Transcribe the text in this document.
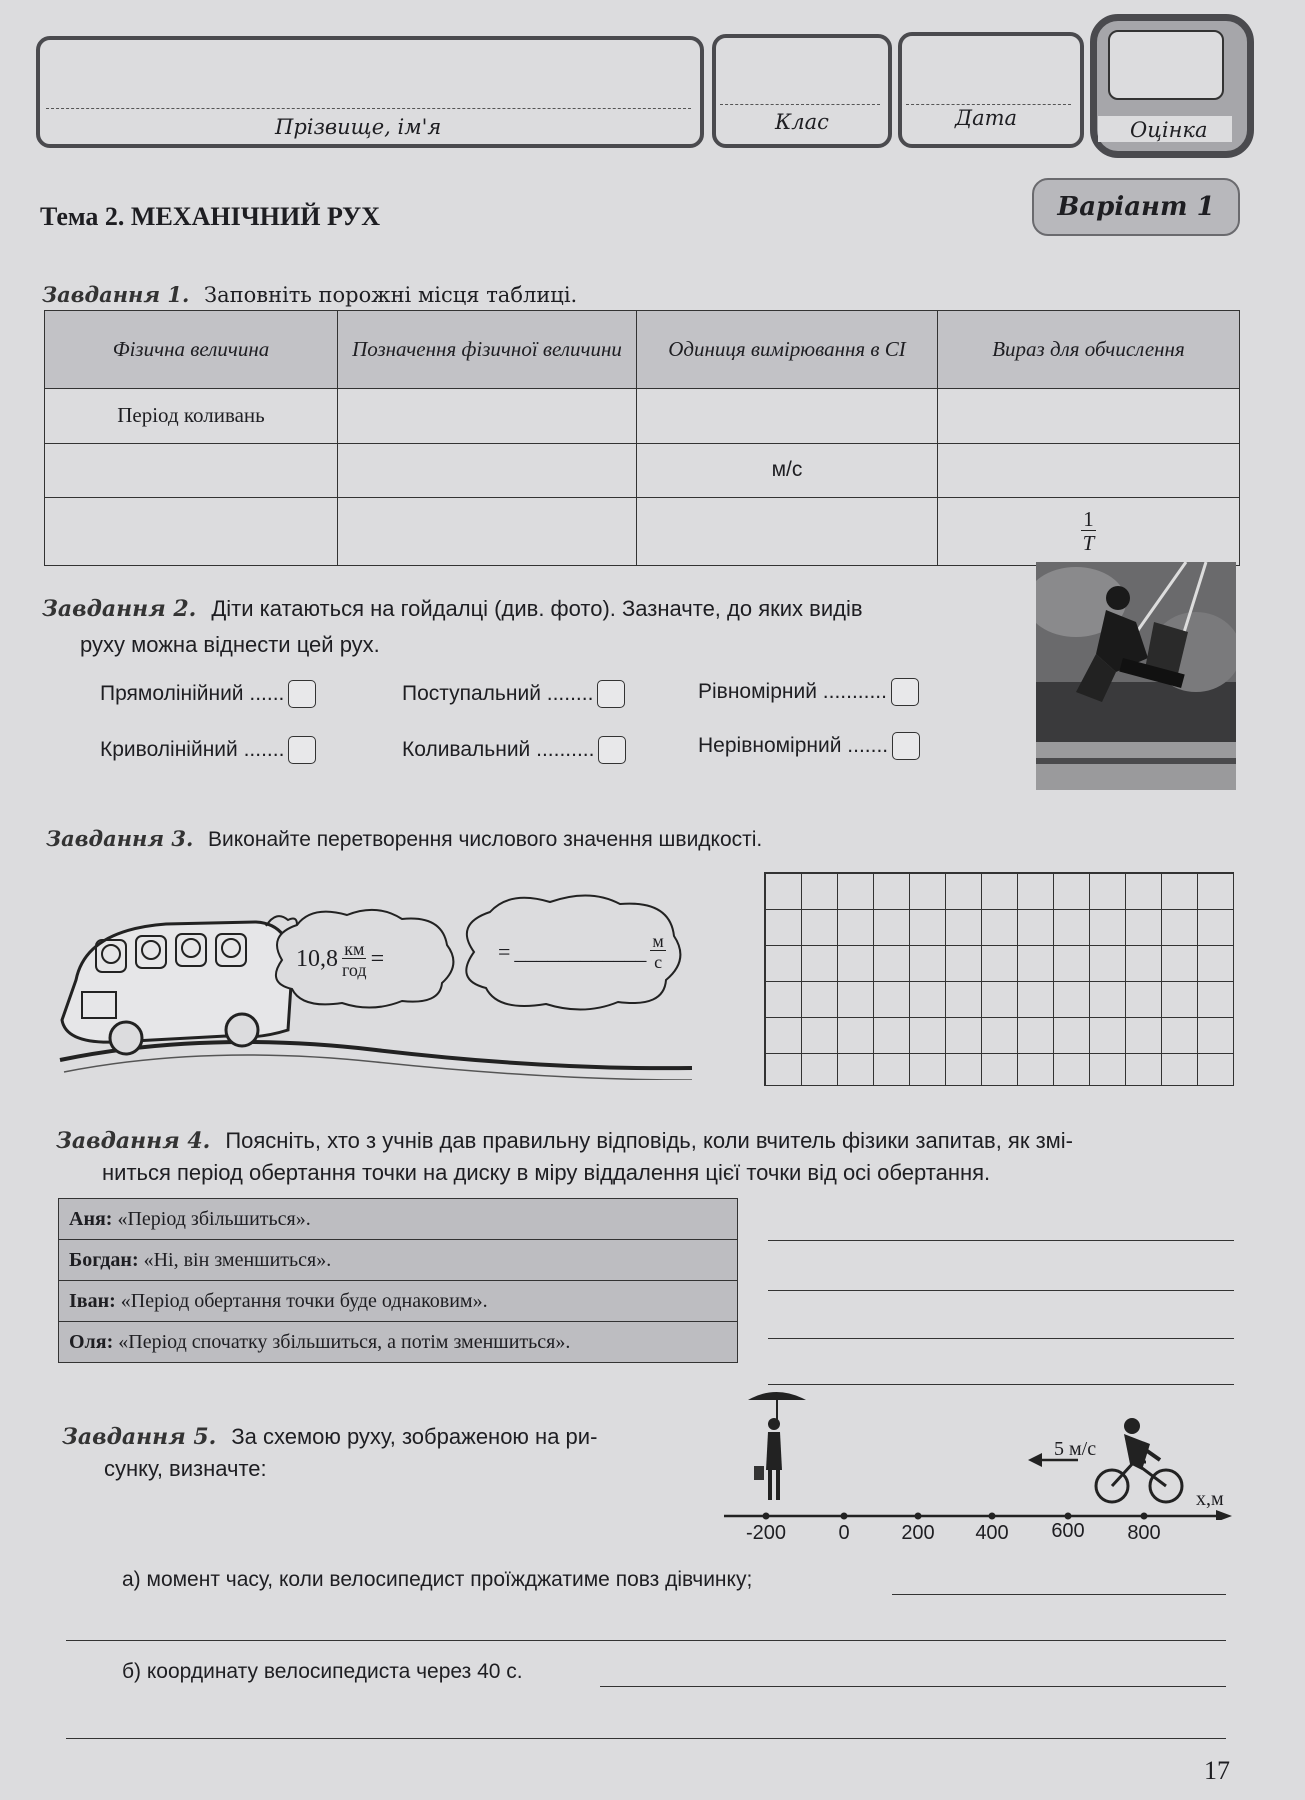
Прізвище, ім'я	Клас	Дата	Оцінка
Тема 2. МЕХАНІЧНИЙ РУХ	Варіант 1
Завдання 1. Заповніть порожні місця таблиці.
Фізична величина	Позначення фізичної величини	Одиниця вимірювання в СІ	Вираз для обчислення
Період коливань			
		м/с	

			$\frac{1}{T}$
Завдання 2. Діти катаються на гойдалці (див. фото). Зазначте, до яких видів
руху можна віднести цей рух.
Прямолінійний ......	Поступальний ........	Рівномірний ...........
Криволінійний .......	Коливальний ..........	Нерівномірний .......
Завдання 3. Виконайте перетворення числового значення швидкості.
$10,8 \frac{км}{\text{год}}$ =	= ____________ $\frac{м}{с}$
Завдання 4. Поясніть, хто з учнів дав правильну відповідь, коли вчитель фізики запитав, як змі-
ниться період обертання точки на диску в міру віддалення цієї точки від осі обертання.
Аня: «Період збільшиться».
Богдан: «Ні, він зменшиться».
Іван: «Період обертання точки буде однаковим».
Оля: «Період спочатку збільшиться, а потім зменшиться».
Завдання 5. За схемою руху, зображеною на ри-
сунку, визначте:
5 м/с
x,м
-200	0	200 400 600 800
а) момент часу, коли велосипедист проїжджатиме повз дівчинку;
б) координату велосипедиста через 40 с.
17
